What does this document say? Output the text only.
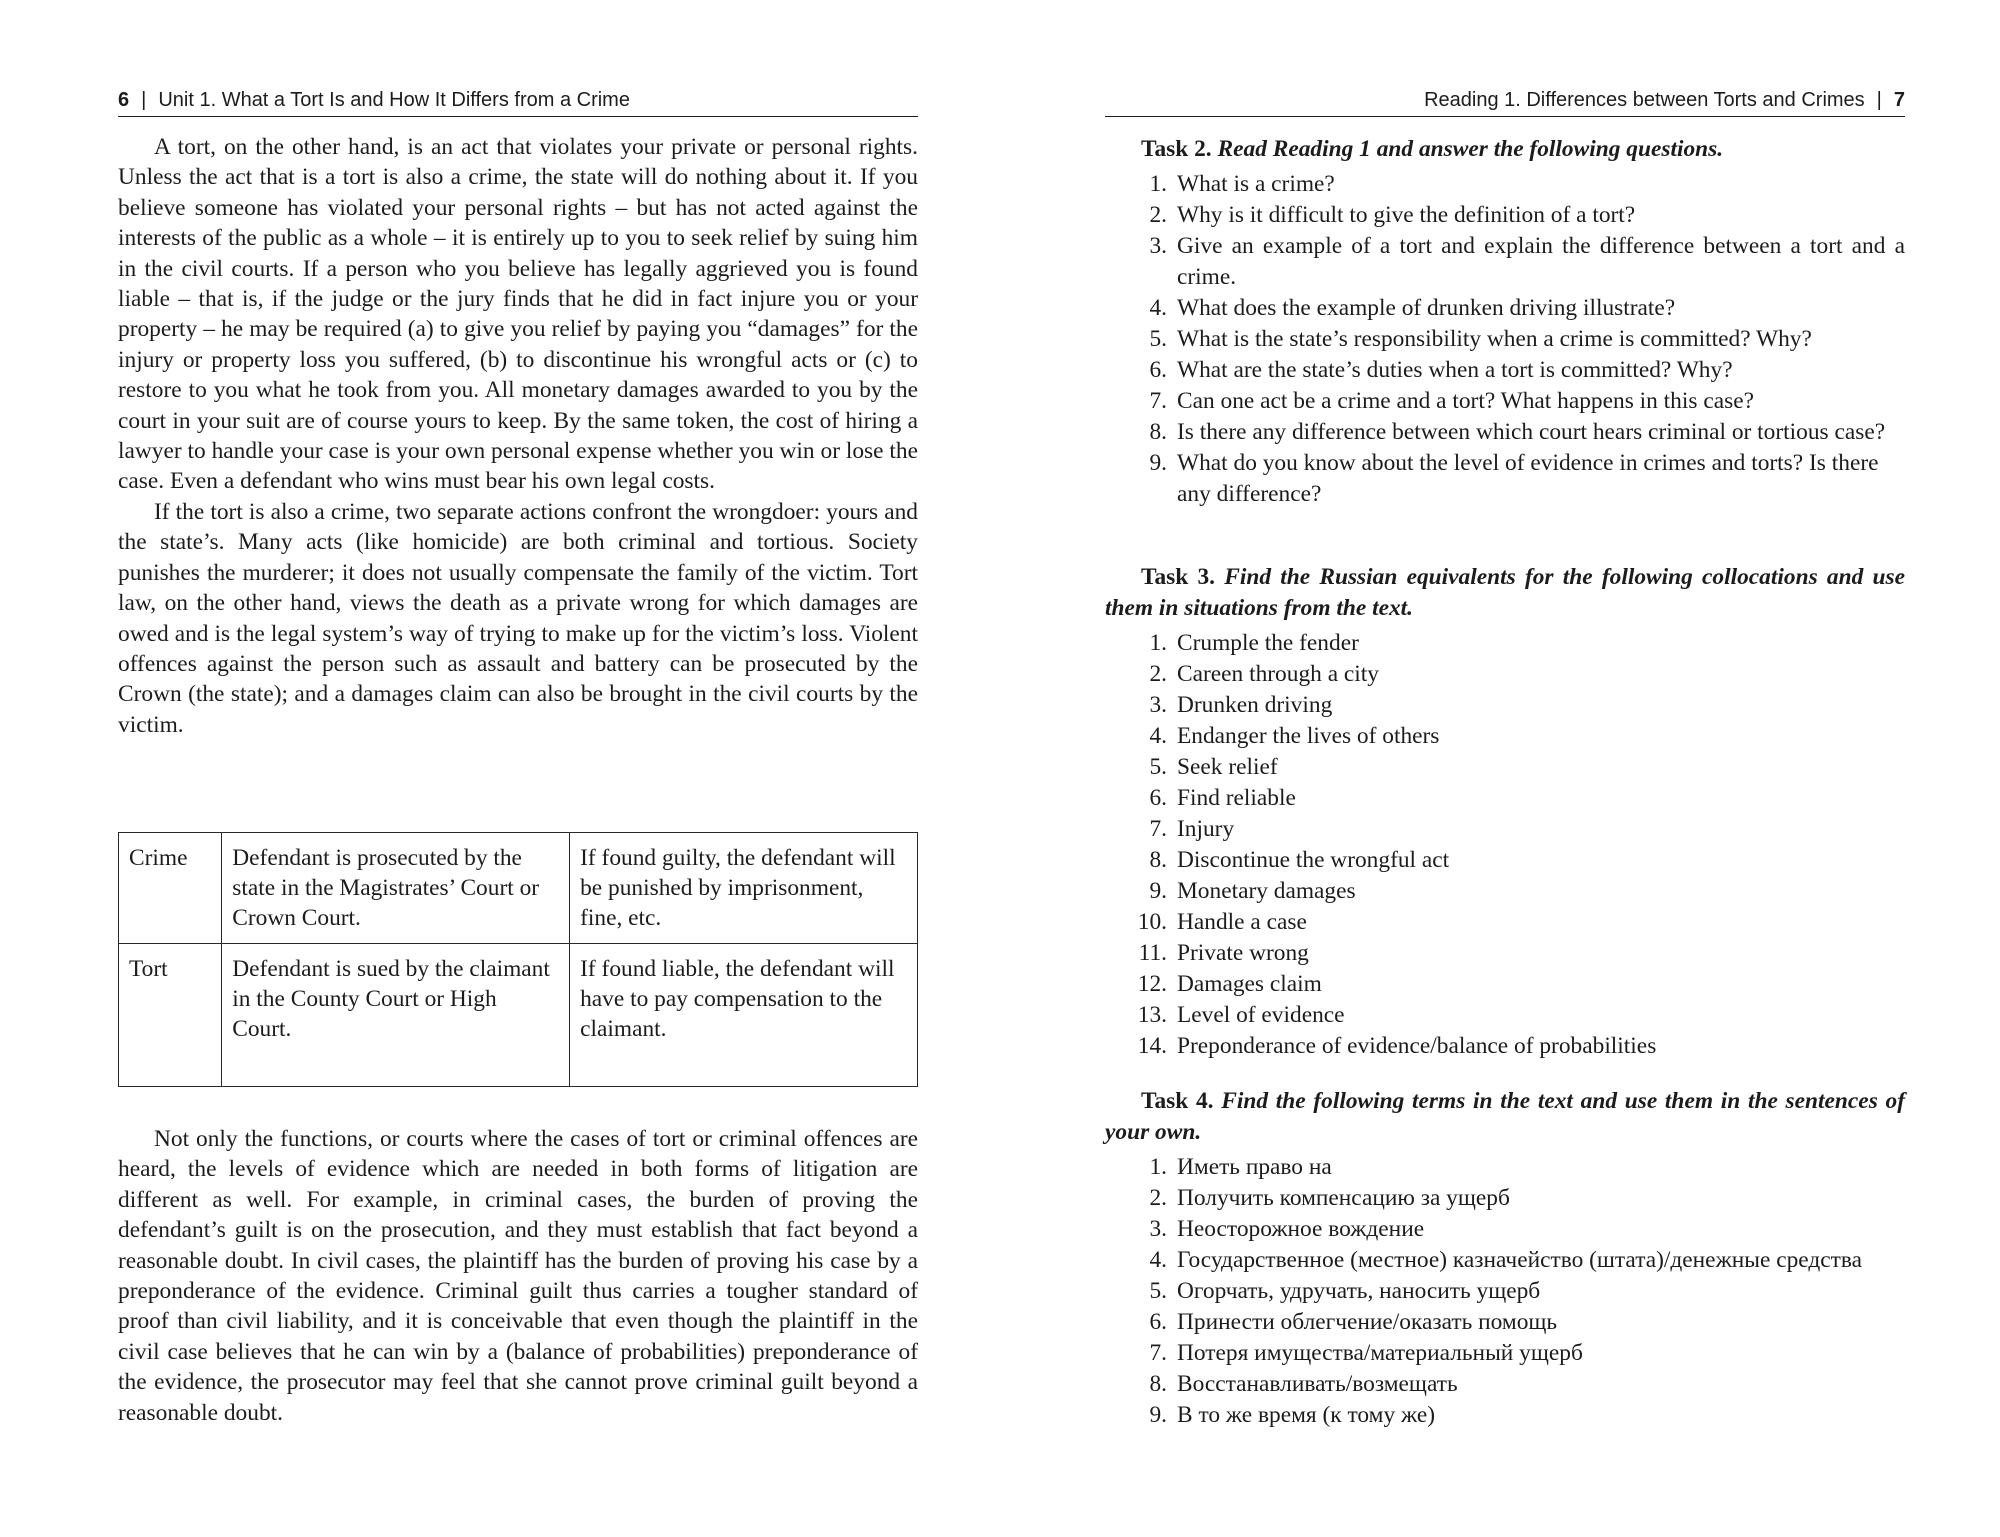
6 | Unit 1. What a Tort Is and How It Differs from a Crime

A tort, on the other hand, is an act that violates your private or personal rights. Unless the act that is a tort is also a crime, the state will do nothing about it. If you believe someone has violated your personal rights – but has not acted against the interests of the public as a whole – it is entirely up to you to seek relief by suing him in the civil courts. If a person who you believe has legally aggrieved you is found liable – that is, if the judge or the jury finds that he did in fact injure you or your property – he may be required (a) to give you relief by paying you “damages” for the injury or property loss you suffered, (b) to discontinue his wrongful acts or (c) to restore to you what he took from you. All monetary damages awarded to you by the court in your suit are of course yours to keep. By the same token, the cost of hiring a lawyer to handle your case is your own personal expense whether you win or lose the case. Even a defendant who wins must bear his own legal costs.

If the tort is also a crime, two separate actions confront the wrongdoer: yours and the state’s. Many acts (like homicide) are both criminal and tortious. Society punishes the murderer; it does not usually compensate the family of the victim. Tort law, on the other hand, views the death as a private wrong for which damages are owed and is the legal system’s way of trying to make up for the victim’s loss. Violent offences against the person such as assault and battery can be prosecuted by the Crown (the state); and a damages claim can also be brought in the civil courts by the victim.

Crime	Defendant is prosecuted by the state in the Magistrates’ Court or Crown Court.	If found guilty, the defendant will be punished by imprisonment, fine, etc.
Tort	Defendant is sued by the claimant in the County Court or High Court.	If found liable, the defendant will have to pay compensation to the claimant.

Not only the functions, or courts where the cases of tort or criminal offences are heard, the levels of evidence which are needed in both forms of litigation are different as well. For example, in criminal cases, the burden of proving the defendant’s guilt is on the prosecution, and they must establish that fact beyond a reasonable doubt. In civil cases, the plaintiff has the burden of proving his case by a preponderance of the evidence. Criminal guilt thus carries a tougher standard of proof than civil liability, and it is conceivable that even though the plaintiff in the civil case believes that he can win by a (balance of probabilities) preponderance of the evidence, the prosecutor may feel that she cannot prove criminal guilt beyond a reasonable doubt.

Reading 1. Differences between Torts and Crimes | 7

Task 2. Read Reading 1 and answer the following questions.

1. What is a crime?
2. Why is it difficult to give the definition of a tort?
3. Give an example of a tort and explain the difference between a tort and a crime.
4. What does the example of drunken driving illustrate?
5. What is the state’s responsibility when a crime is committed? Why?
6. What are the state’s duties when a tort is committed? Why?
7. Can one act be a crime and a tort? What happens in this case?
8. Is there any difference between which court hears criminal or tortious case?
9. What do you know about the level of evidence in crimes and torts? Is there any difference?

Task 3. Find the Russian equivalents for the following collocations and use them in situations from the text.

1. Crumple the fender
2. Careen through a city
3. Drunken driving
4. Endanger the lives of others
5. Seek relief
6. Find reliable
7. Injury
8. Discontinue the wrongful act
9. Monetary damages
10. Handle a case
11. Private wrong
12. Damages claim
13. Level of evidence
14. Preponderance of evidence/balance of probabilities

Task 4. Find the following terms in the text and use them in the sentences of your own.

1. Иметь право на
2. Получить компенсацию за ущерб
3. Неосторожное вождение
4. Государственное (местное) казначейство (штата)/денежные средства
5. Огорчать, удручать, наносить ущерб
6. Принести облегчение/оказать помощь
7. Потеря имущества/материальный ущерб
8. Восстанавливать/возмещать
9. В то же время (к тому же)
